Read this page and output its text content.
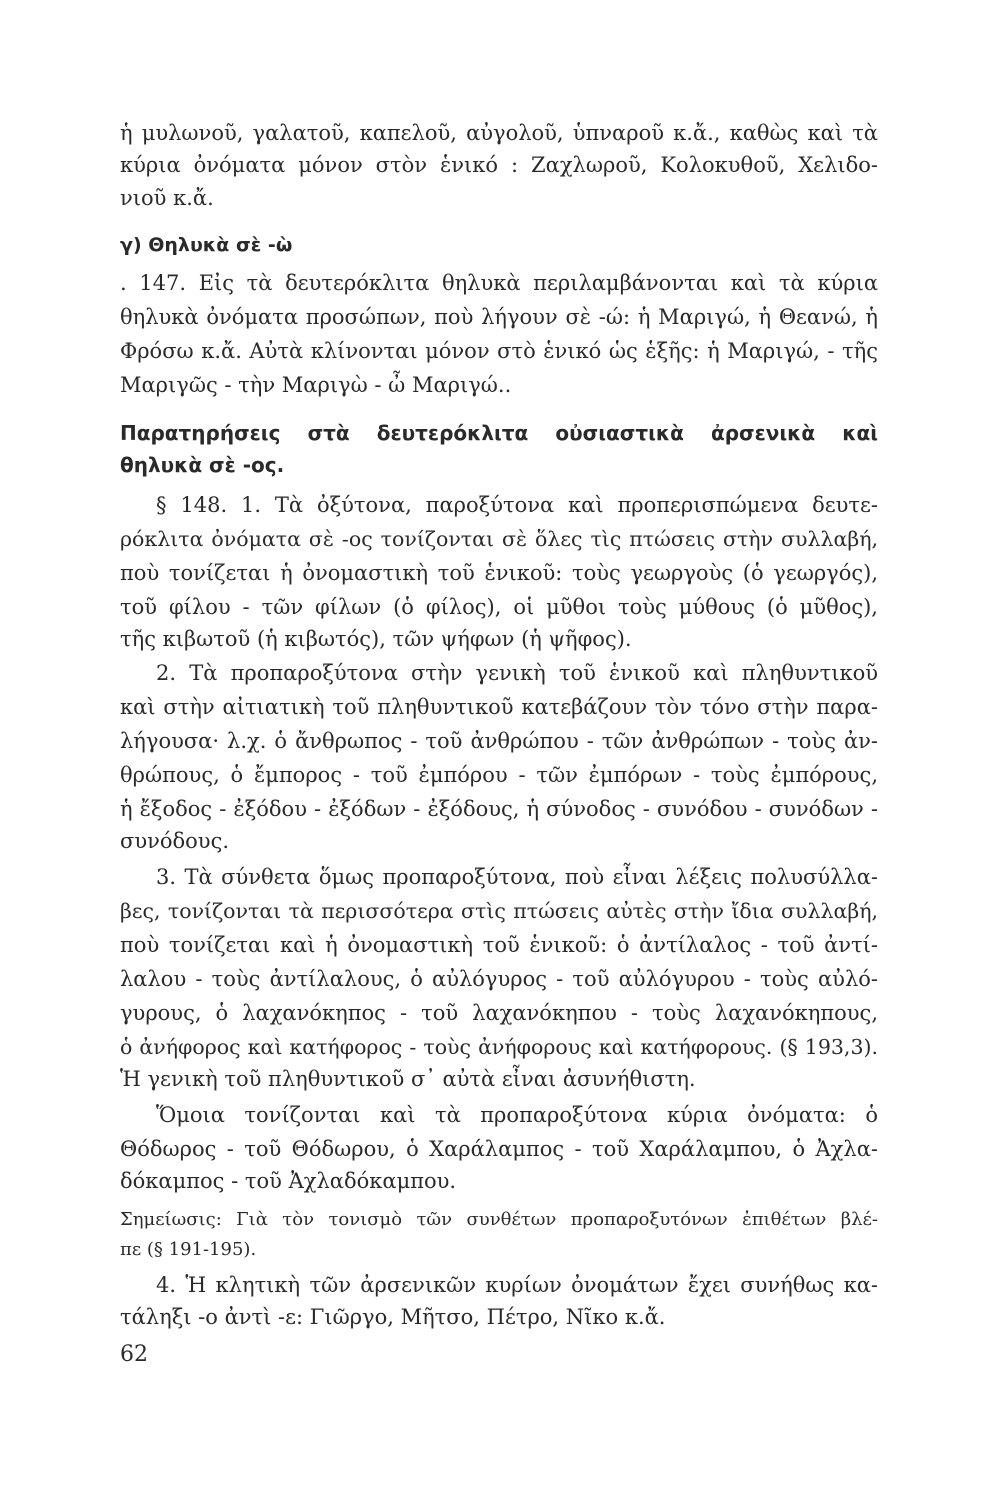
ἡ μυλωνοῦ, γαλατοῦ, καπελοῦ, αὐγολοῦ, ὑπναροῦ κ.ἄ., καθὼς καὶ τὰ
κύρια ὀνόματα μόνον στὸν ἑνικό : Ζαχλωροῦ, Κολοκυθοῦ, Χελιδο-
νιοῦ κ.ἄ.
γ) Θηλυκὰ σὲ -ὼ
. 147. Εἰς τὰ δευτερόκλιτα θηλυκὰ περιλαμβάνονται καὶ τὰ κύρια
θηλυκὰ ὀνόματα προσώπων, ποὺ λήγουν σὲ -ώ: ἡ Μαριγώ, ἡ Θεανώ, ἡ
Φρόσω κ.ἄ. Αὐτὰ κλίνονται μόνον στὸ ἑνικό ὡς ἑξῆς: ἡ Μαριγώ, - τῆς
Μαριγῶς - τὴν Μαριγὼ - ὦ Μαριγώ..
Παρατηρήσεις στὰ δευτερόκλιτα οὐσιαστικὰ ἀρσενικὰ καὶ
θηλυκὰ σὲ -ος.
§ 148. 1. Τὰ ὀξύτονα, παροξύτονα καὶ προπερισπώμενα δευτε-
ρόκλιτα ὀνόματα σὲ -ος τονίζονται σὲ ὅλες τὶς πτώσεις στὴν συλλαβή,
ποὺ τονίζεται ἡ ὀνομαστικὴ τοῦ ἑνικοῦ: τοὺς γεωργοὺς (ὁ γεωργός),
τοῦ φίλου - τῶν φίλων (ὁ φίλος), οἱ μῦθοι τοὺς μύθους (ὁ μῦθος),
τῆς κιβωτοῦ (ἡ κιβωτός), τῶν ψήφων (ἡ ψῆφος).
2. Τὰ προπαροξύτονα στὴν γενικὴ τοῦ ἑνικοῦ καὶ πληθυντικοῦ
καὶ στὴν αἰτιατικὴ τοῦ πληθυντικοῦ κατεβάζουν τὸν τόνο στὴν παρα-
λήγουσα· λ.χ. ὁ ἄνθρωπος - τοῦ ἀνθρώπου - τῶν ἀνθρώπων - τοὺς ἀν-
θρώπους, ὁ ἔμπορος - τοῦ ἐμπόρου - τῶν ἐμπόρων - τοὺς ἐμπόρους,
ἡ ἔξοδος - ἐξόδου - ἐξόδων - ἐξόδους, ἡ σύνοδος - συνόδου - συνόδων -
συνόδους.
3. Τὰ σύνθετα ὅμως προπαροξύτονα, ποὺ εἶναι λέξεις πολυσύλλα-
βες, τονίζονται τὰ περισσότερα στὶς πτώσεις αὐτὲς στὴν ἴδια συλλαβή,
ποὺ τονίζεται καὶ ἡ ὀνομαστικὴ τοῦ ἑνικοῦ: ὁ ἀντίλαλος - τοῦ ἀντί-
λαλου - τοὺς ἀντίλαλους, ὁ αὐλόγυρος - τοῦ αὐλόγυρου - τοὺς αὐλό-
γυρους, ὁ λαχανόκηπος - τοῦ λαχανόκηπου - τοὺς λαχανόκηπους,
ὁ ἀνήφορος καὶ κατήφορος - τοὺς ἀνήφορους καὶ κατήφορους. (§ 193,3).
Ἡ γενικὴ τοῦ πληθυντικοῦ σ᾿ αὐτὰ εἶναι ἀσυνήθιστη.
Ὅμοια τονίζονται καὶ τὰ προπαροξύτονα κύρια ὀνόματα: ὁ
Θόδωρος - τοῦ Θόδωρου, ὁ Χαράλαμπος - τοῦ Χαράλαμπου, ὁ Ἀχλα-
δόκαμπος - τοῦ Ἀχλαδόκαμπου.
Σημείωσις: Γιὰ τὸν τονισμὸ τῶν συνθέτων προπαροξυτόνων ἐπιθέτων βλέ-
πε (§ 191-195).
4. Ἡ κλητικὴ τῶν ἀρσενικῶν κυρίων ὀνομάτων ἔχει συνήθως κα-
τάληξι -ο ἀντὶ -ε: Γιῶργο, Μῆτσο, Πέτρο, Νῖκο κ.ἄ.
62
